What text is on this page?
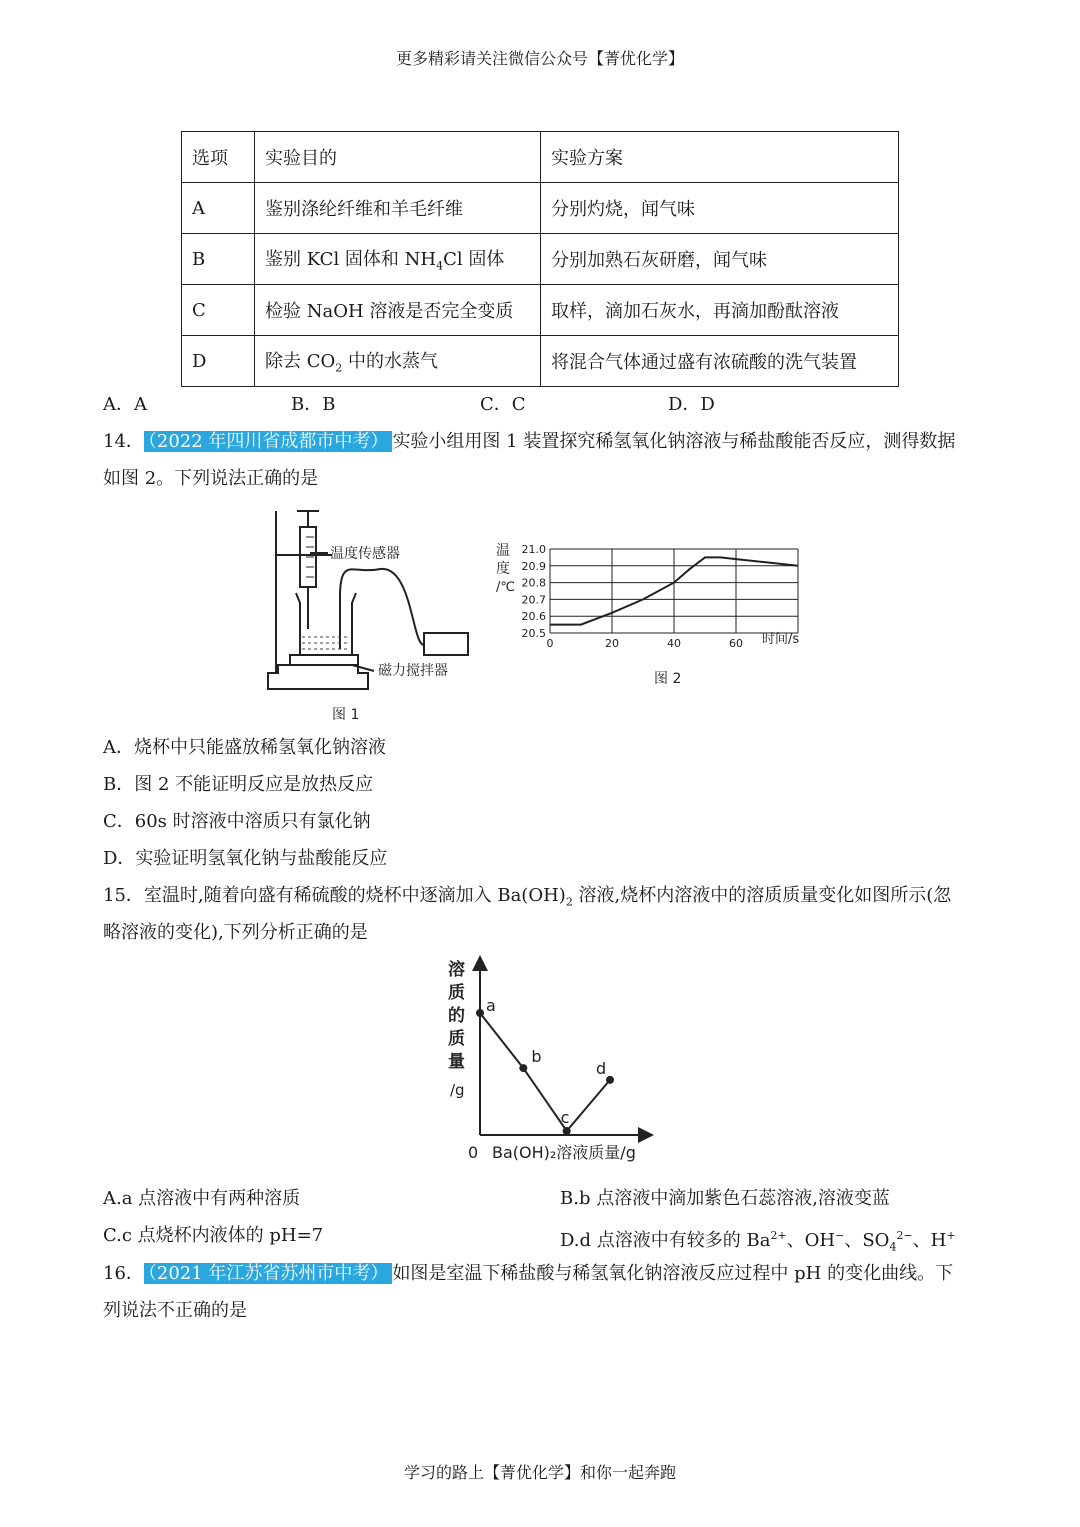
更多精彩请关注微信公众号【菁优化学】
选项	实验目的	实验方案
A	鉴别涤纶纤维和羊毛纤维	分别灼烧，闻气味
B	鉴别 KCl 固体和 $NH_4Cl$ 固体	分别加熟石灰研磨，闻气味
C	检验 NaOH 溶液是否完全变质	取样，滴加石灰水，再滴加酚酞溶液
D	除去 $CO_2$ 中的水蒸气	将混合气体通过盛有浓硫酸的洗气装置
A．A	B．B	C．C	D．D
14． （2022 年四川省成都市中考） 实验小组用图 1 装置探究稀氢氧化钠溶液与稀盐酸能否反应，测得数据
如图 2。下列说法正确的是
温度传感器
磁力搅拌器
图 1
20.5
20.6
20.7
20.8
20.9
21.0
0	20	40	60
温
度
/℃
时间/s
图 2
A．烧杯中只能盛放稀氢氧化钠溶液
B．图 2 不能证明反应是放热反应
C．60s 时溶液中溶质只有氯化钠
D．实验证明氢氧化钠与盐酸能反应
15．室温时,随着向盛有稀硫酸的烧杯中逐滴加入 $Ba(OH)_2$ 溶液,烧杯内溶液中的溶质质量变化如图所示(忽
略溶液的变化),下列分析正确的是
a
b
c
d
溶
质
的
质
量
/g
0 Ba(OH)₂溶液质量/g
A.a 点溶液中有两种溶质	B.b 点溶液中滴加紫色石蕊溶液,溶液变蓝
C.c 点烧杯内液体的 pH=7	D.d 点溶液中有较多的 $Ba^{2+}$、OH−、$SO_4^{2-}$、H+
16． （2021 年江苏省苏州市中考） 如图是室温下稀盐酸与稀氢氧化钠溶液反应过程中 pH 的变化曲线。下
列说法不正确的是
学习的路上【菁优化学】和你一起奔跑
